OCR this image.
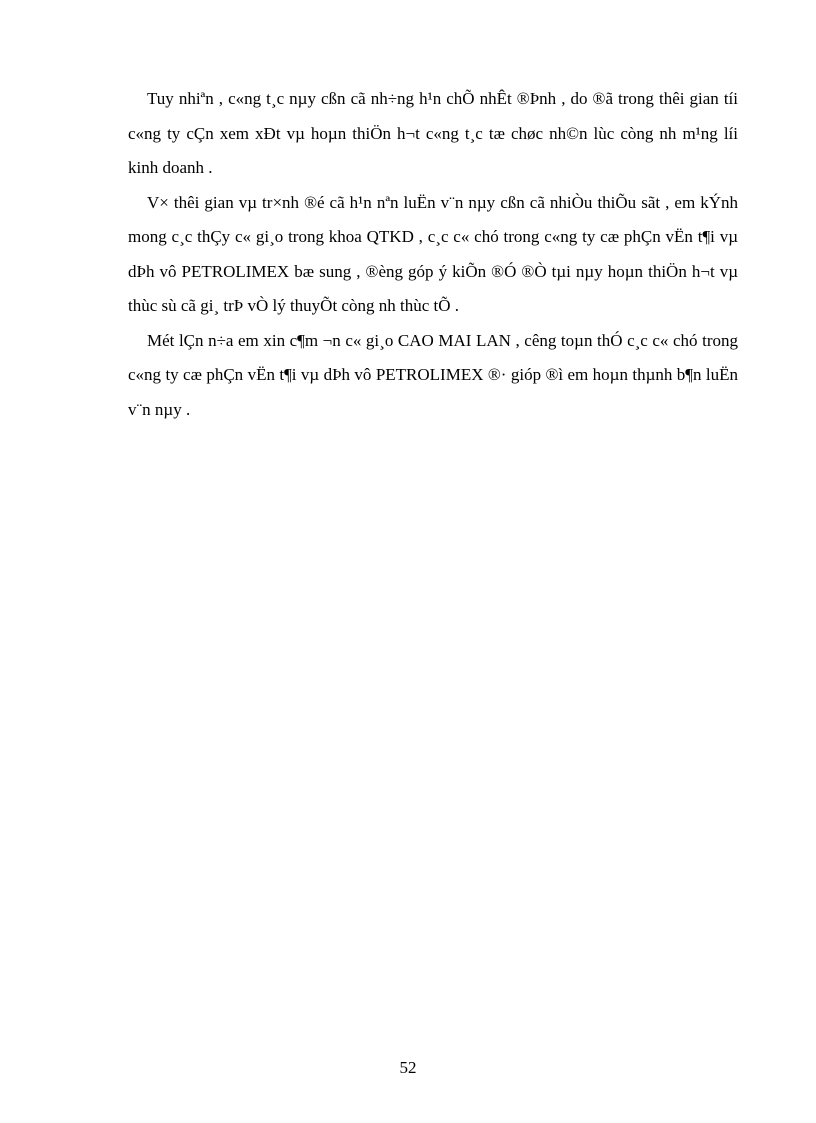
Tuy nhiªn , c«ng t¸c nµy cßn cã nh÷ng h¹n chÕ nhÊt ®Þnh , do ®ã trong thêi gian tíi c«ng ty cÇn xem xÐt vµ hoµn thiÖn h¬t c«ng t¸c tæ chøc nh©n lùc còng nh m¹ng líi kinh doanh .

V× thêi gian vµ tr×nh ®é cã h¹n nªn luËn v¨n nµy cßn cã nhiÒu thiÕu sãt , em kÝnh mong c¸c thÇy c« gi¸o trong khoa QTKD , c¸c c« chó trong c«ng ty cæ phÇn vËn t¶i vµ dÞh vô PETROLIMEX bæ sung , ®èng góp ý kiÕn ®Ó ®Ò tµi nµy hoµn thiÖn h¬t vµ thùc sù cã gi¸ trÞ vÒ lý thuyÕt còng nh thùc tÕ .

Mét lÇn n÷a em xin c¶m ¬n c« gi¸o CAO MAI LAN , cêng toµn thÓ c¸c c« chó trong c«ng ty cæ phÇn vËn t¶i vµ dÞh vô PETROLIMEX ®· gióp ®ì em hoµn thµnh b¶n luËn v¨n nµy .

52
